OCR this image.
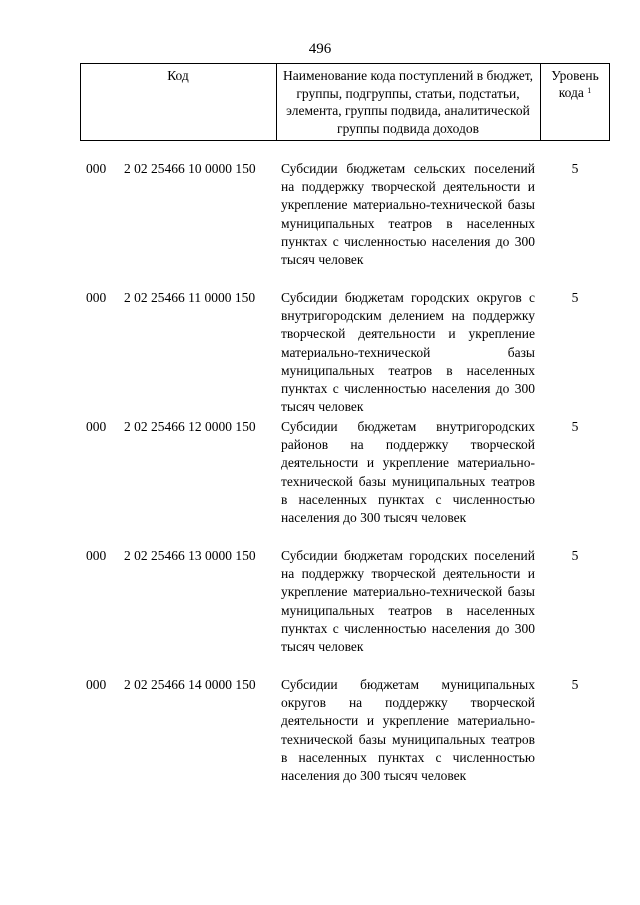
496
Код	Наименование кода поступлений в бюджет, группы, подгруппы, статьи, подстатьи, элемента, группы подвида, аналитической группы подвида доходов
Уровень кода $^1$
000 2 02 25466 10 0000 150 Субсидии бюджетам сельских поселений на поддержку творческой деятельности и укрепление материально-технической базы муниципальных театров в населенных пунктах с численностью населения до 300 тысяч человек
5
000 2 02 25466 11 0000 150 Субсидии бюджетам городских округов с внутригородским делением на поддержку творческой деятельности и укрепление материально-технической базы муниципальных театров в населенных пунктах с численностью населения до 300 тысяч человек
5
000 2 02 25466 12 0000 150 Субсидии бюджетам внутригородских районов на поддержку творческой деятельности и укрепление материально-технической базы муниципальных театров в населенных пунктах с численностью населения до 300 тысяч человек
5
000 2 02 25466 13 0000 150 Субсидии бюджетам городских поселений на поддержку творческой деятельности и укрепление материально-технической базы муниципальных театров в населенных пунктах с численностью населения до 300 тысяч человек
5
000 2 02 25466 14 0000 150 Субсидии бюджетам муниципальных округов на поддержку творческой деятельности и укрепление материально-технической базы муниципальных театров в населенных пунктах с численностью населения до 300 тысяч человек
5
